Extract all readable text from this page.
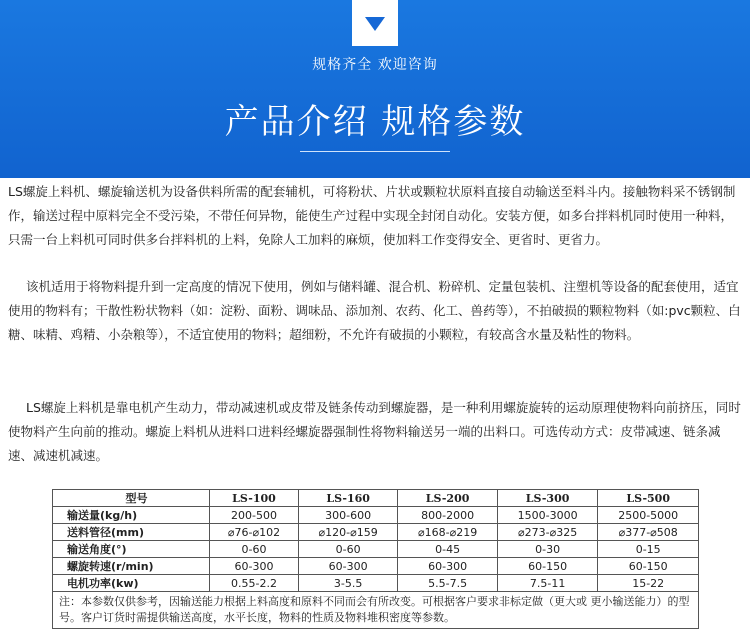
规格齐全 欢迎咨询
产品介绍 规格参数
LS螺旋上料机、螺旋输送机为设备供料所需的配套辅机，可将粉状、片状或颗粒状原料直接自动输送至料斗内。接触物料采不锈钢制作，输送过程中原料完全不受污染，不带任何异物，能使生产过程中实现全封闭自动化。安装方便，如多台拌料机同时使用一种料，只需一台上料机可同时供多台拌料机的上料，免除人工加料的麻烦，使加料工作变得安全、更省时、更省力。
该机适用于将物料提升到一定高度的情况下使用，例如与储料罐、混合机、粉碎机、定量包装机、注塑机等设备的配套使用，适宜使用的物料有；干散性粉状物料（如：淀粉、面粉、调味品、添加剂、农药、化工、兽药等），不拍破损的颗粒物料（如:pvc颗粒、白糖、味精、鸡精、小杂粮等），不适宜使用的物料；超细粉，不允许有破损的小颗粒，有较高含水量及粘性的物料。
LS螺旋上料机是靠电机产生动力，带动减速机或皮带及链条传动到螺旋器，是一种利用螺旋旋转的运动原理使物料向前挤压，同时使物料产生向前的推动。螺旋上料机从进料口进料经螺旋器强制性将物料输送另一端的出料口。可选传动方式：皮带减速、链条减速、减速机减速。
型号	LS-100	LS-160	LS-200	LS-300	LS-500
输送量(kg/h)	200-500	300-600	800-2000	1500-3000	2500-5000
送料管径(mm)	⌀76-⌀102	⌀120-⌀159	⌀168-⌀219	⌀273-⌀325	⌀377-⌀508
输送角度(°)	0-60	0-60	0-45	0-30	0-15
螺旋转速(r/min)	60-300	60-300	60-300	60-150	60-150
电机功率(kw)	0.55-2.2	3-5.5	5.5-7.5	7.5-11	15-22
注：本参数仅供参考，因输送能力根据上料高度和原料不同而会有所改变。可根据客户要求非标定做（更大或 更小输送能力）的型号。客户订货时需提供输送高度，水平长度，物料的性质及物料堆积密度等参数。					
